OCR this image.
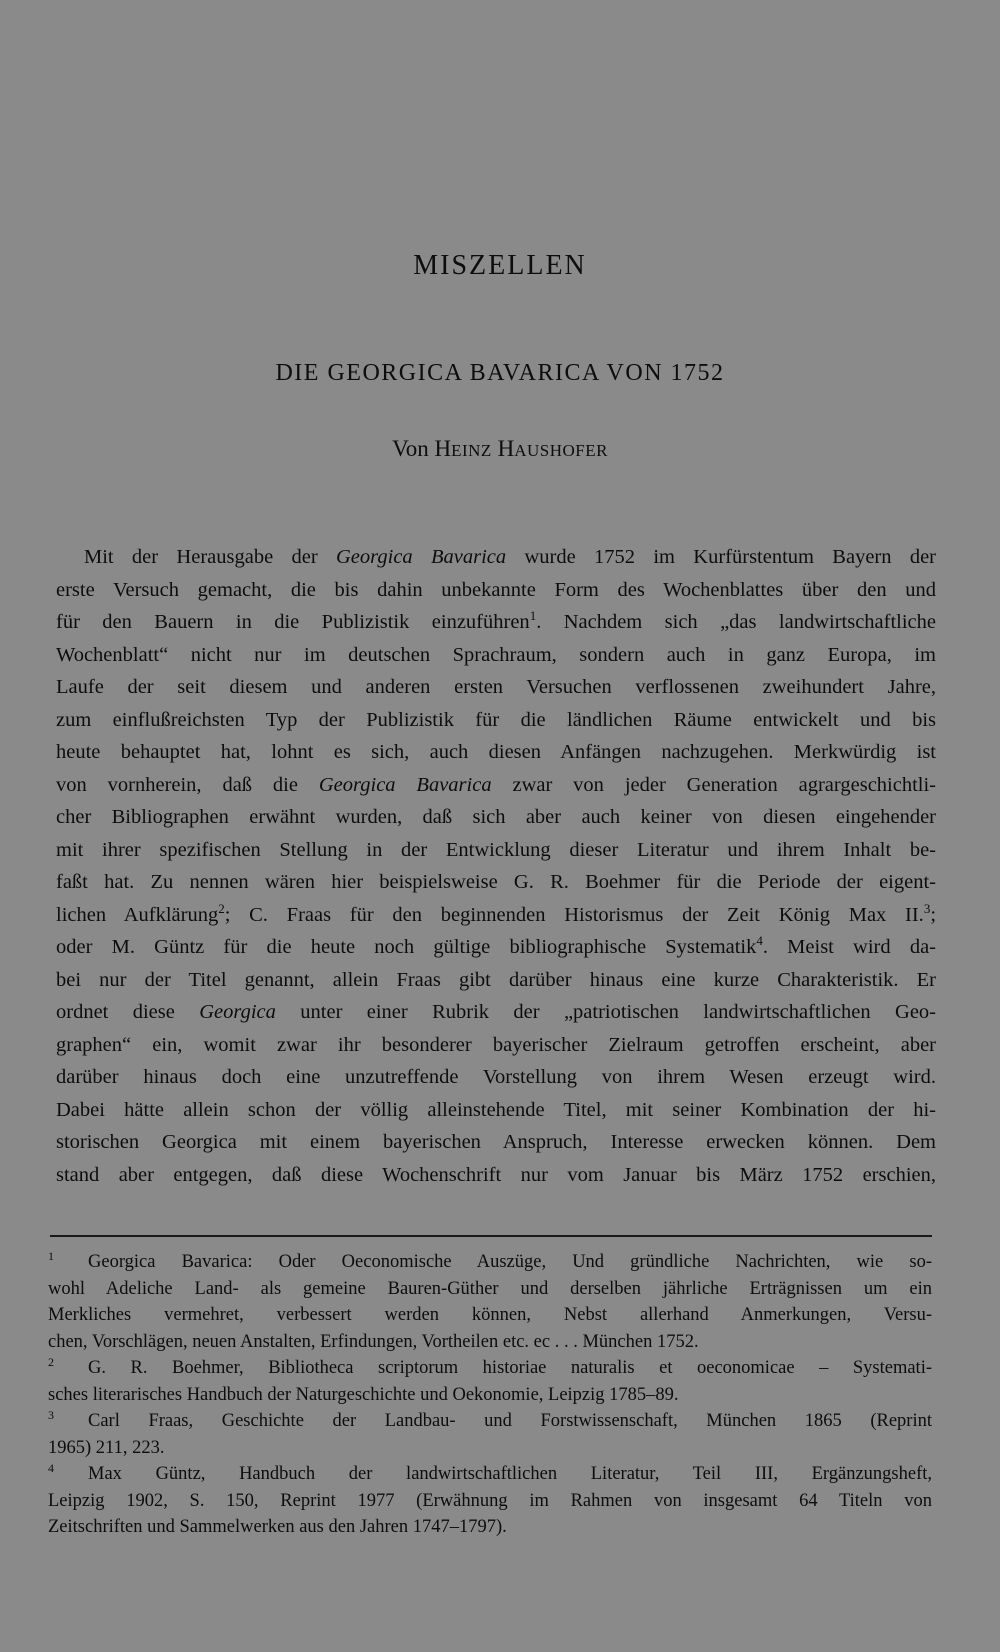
MISZELLEN
DIE GEORGICA BAVARICA VON 1752

Von HEINZ HAUSHOFER

Mit der Herausgabe der Georgica Bavarica wurde 1752 im Kurfürstentum Bayern der
erste Versuch gemacht, die bis dahin unbekannte Form des Wochenblattes über den und
für den Bauern in die Publizistik einzuführen$^1$. Nachdem sich „das landwirtschaftliche
Wochenblatt“ nicht nur im deutschen Sprachraum, sondern auch in ganz Europa, im
Laufe der seit diesem und anderen ersten Versuchen verflossenen zweihundert Jahre,
zum einflußreichsten Typ der Publizistik für die ländlichen Räume entwickelt und bis
heute behauptet hat, lohnt es sich, auch diesen Anfängen nachzugehen. Merkwürdig ist
von vornherein, daß die Georgica Bavarica zwar von jeder Generation agrargeschichtli-
cher Bibliographen erwähnt wurden, daß sich aber auch keiner von diesen eingehender
mit ihrer spezifischen Stellung in der Entwicklung dieser Literatur und ihrem Inhalt be-
faßt hat. Zu nennen wären hier beispielsweise G. R. Boehmer für die Periode der eigent-
lichen Aufklärung$^2$; C. Fraas für den beginnenden Historismus der Zeit König Max II.$^3$;
oder M. Güntz für die heute noch gültige bibliographische Systematik$^4$. Meist wird da-
bei nur der Titel genannt, allein Fraas gibt darüber hinaus eine kurze Charakteristik. Er
ordnet diese Georgica unter einer Rubrik der „patriotischen landwirtschaftlichen Geo-
graphen“ ein, womit zwar ihr besonderer bayerischer Zielraum getroffen erscheint, aber
darüber hinaus doch eine unzutreffende Vorstellung von ihrem Wesen erzeugt wird.
Dabei hätte allein schon der völlig alleinstehende Titel, mit seiner Kombination der hi-
storischen Georgica mit einem bayerischen Anspruch, Interesse erwecken können. Dem
stand aber entgegen, daß diese Wochenschrift nur vom Januar bis März 1752 erschien,
1 Georgica Bavarica: Oder Oeconomische Auszüge, Und gründliche Nachrichten, wie so-
wohl Adeliche Land- als gemeine Bauren-Güther und derselben jährliche Erträgnissen um ein
Merkliches vermehret, verbessert werden können, Nebst allerhand Anmerkungen, Versu-
chen, Vorschlägen, neuen Anstalten, Erfindungen, Vortheilen etc. ec . . . München 1752.
2 G. R. Boehmer, Bibliotheca scriptorum historiae naturalis et oeconomicae – Systemati-
sches literarisches Handbuch der Naturgeschichte und Oekonomie, Leipzig 1785–89.
3 Carl Fraas, Geschichte der Landbau- und Forstwissenschaft, München 1865 (Reprint
1965) 211, 223.
4 Max Güntz, Handbuch der landwirtschaftlichen Literatur, Teil III, Ergänzungsheft,
Leipzig 1902, S. 150, Reprint 1977 (Erwähnung im Rahmen von insgesamt 64 Titeln von
Zeitschriften und Sammelwerken aus den Jahren 1747–1797).
